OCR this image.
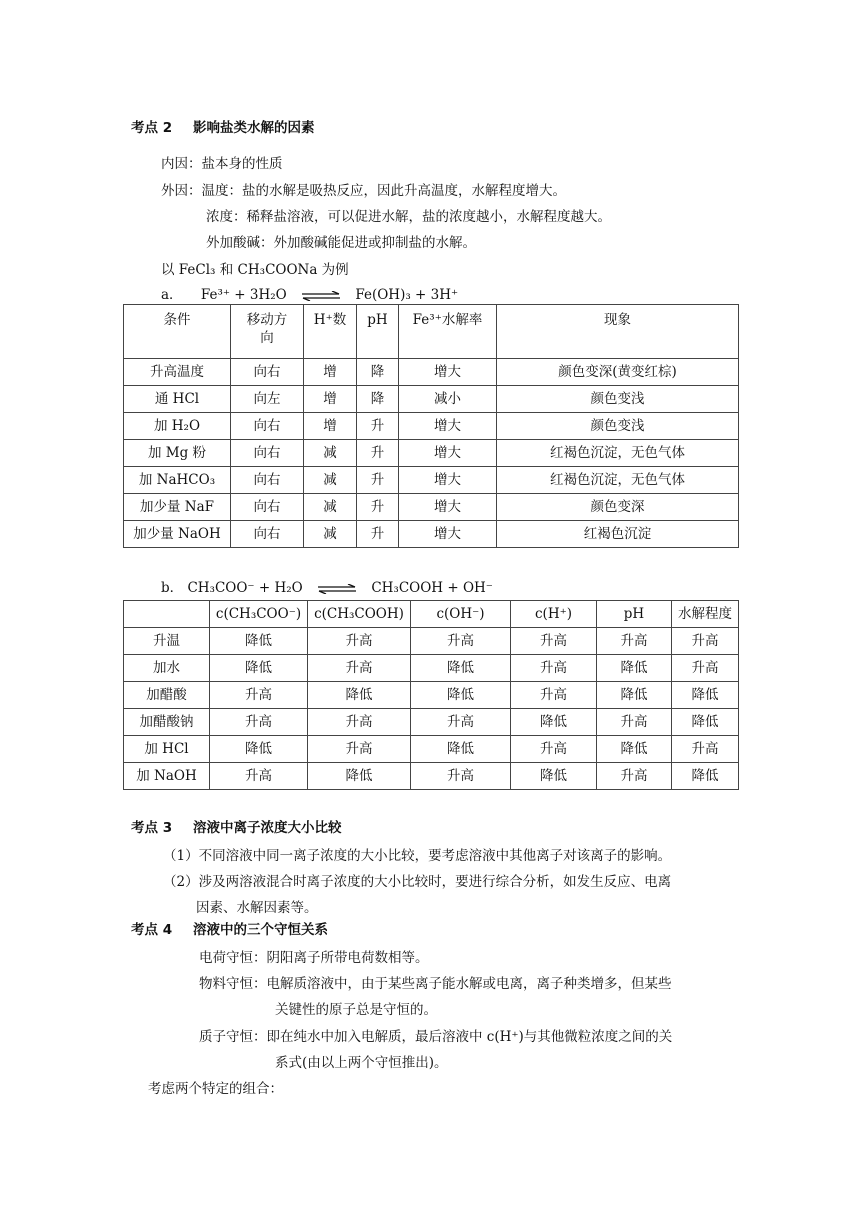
考点 2 影响盐类水解的因素
内因：盐本身的性质
外因：温度：盐的水解是吸热反应，因此升高温度，水解程度增大。
浓度：稀释盐溶液，可以促进水解，盐的浓度越小，水解程度越大。
外加酸碱：外加酸碱能促进或抑制盐的水解。
以 FeCl₃ 和 CH₃COONa 为例
a． Fe³⁺ + 3H₂O ⇌ Fe(OH)₃ + 3H⁺
条件	移动方向	H⁺数	pH	Fe³⁺水解率	现象
升高温度	向右	增	降	增大	颜色变深(黄变红棕)
通 HCl	向左	增	降	减小	颜色变浅
加 H₂O	向右	增	升	增大	颜色变浅
加 Mg 粉	向右	减	升	增大	红褐色沉淀，无色气体
加 NaHCO₃	向右	减	升	增大	红褐色沉淀，无色气体
加少量 NaF	向右	减	升	增大	颜色变深
加少量 NaOH	向右	减	升	增大	红褐色沉淀
b． CH₃COO⁻ + H₂O ⇌ CH₃COOH + OH⁻
	c(CH₃COO⁻)	c(CH₃COOH)	c(OH⁻)	c(H⁺)	pH	水解程度
升温	降低	升高	升高	升高	升高	升高
加水	降低	升高	降低	升高	降低	升高
加醋酸	升高	降低	降低	升高	降低	降低
加醋酸钠	升高	升高	升高	降低	升高	降低
加 HCl	降低	升高	降低	升高	降低	升高
加 NaOH	升高	降低	升高	降低	升高	降低
考点 3 溶液中离子浓度大小比较
（1）不同溶液中同一离子浓度的大小比较，要考虑溶液中其他离子对该离子的影响。
（2）涉及两溶液混合时离子浓度的大小比较时，要进行综合分析，如发生反应、电离
因素、水解因素等。
考点 4 溶液中的三个守恒关系
电荷守恒：阴阳离子所带电荷数相等。
物料守恒：电解质溶液中，由于某些离子能水解或电离，离子种类增多，但某些
关键性的原子总是守恒的。
质子守恒：即在纯水中加入电解质，最后溶液中 c(H⁺)与其他微粒浓度之间的关
系式(由以上两个守恒推出)。
考虑两个特定的组合：
